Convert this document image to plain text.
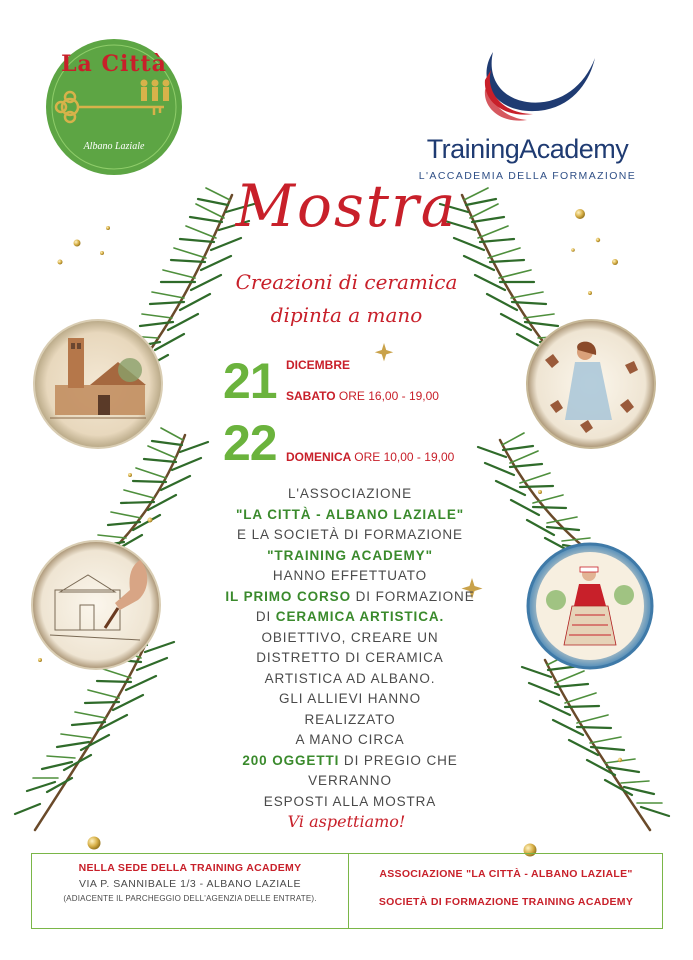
La Città
Albano Laziale	TrainingAcademy
L'ACCADEMIA DELLA FORMAZIONE
Mostra
Creazioni di ceramica
dipinta a mano
21 DICEMBRE
SABATO ORE 16,00 - 19,00
22 DOMENICA ORE 10,00 - 19,00
L'ASSOCIAZIONE
"LA CITTÀ - ALBANO LAZIALE"
E LA SOCIETÀ DI FORMAZIONE
"TRAINING ACADEMY"
HANNO EFFETTUATO
IL PRIMO CORSO DI FORMAZIONE
DI CERAMICA ARTISTICA.
OBIETTIVO, CREARE UN
DISTRETTO DI CERAMICA
ARTISTICA AD ALBANO.
GLI ALLIEVI HANNO
REALIZZATO
A MANO CIRCA
200 OGGETTI DI PREGIO CHE
VERRANNO
ESPOSTI ALLA MOSTRA
Vi aspettiamo!
NELLA SEDE DELLA TRAINING ACADEMY
VIA P. SANNIBALE 1/3 - ALBANO LAZIALE
(ADIACENTE IL PARCHEGGIO DELL'AGENZIA DELLE ENTRATE).
ASSOCIAZIONE "LA CITTÀ - ALBANO LAZIALE"
SOCIETÀ DI FORMAZIONE TRAINING ACADEMY
